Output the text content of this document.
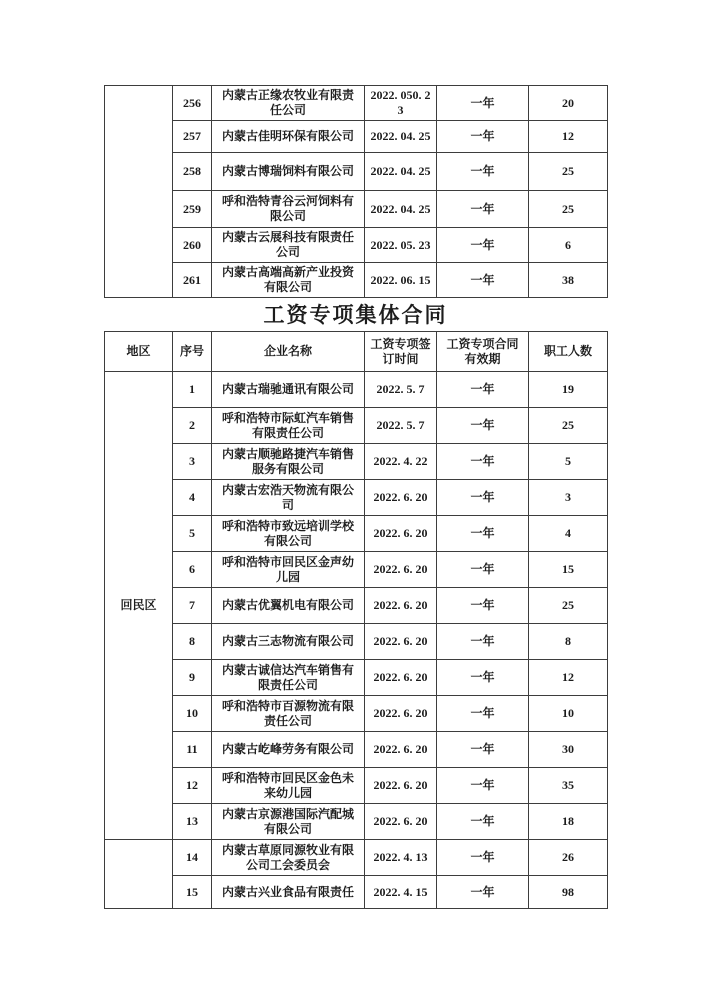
	256	内蒙古正缘农牧业有限责任公司	2022. 050. 23	一年	20
	257	内蒙古佳明环保有限公司	2022. 04. 25	一年	12
	258	内蒙古博瑞饲料有限公司	2022. 04. 25	一年	25
	259	呼和浩特青谷云河饲料有限公司	2022. 04. 25	一年	25
	260	内蒙古云展科技有限责任公司	2022. 05. 23	一年	6
	261	内蒙古高端高新产业投资有限公司	2022. 06. 15	一年	38
工资专项集体合同
地区	序号	企业名称	工资专项签订时间	工资专项合同有效期	职工人数
回民区	1	内蒙古瑞驰通讯有限公司	2022. 5. 7	一年	19
	2	呼和浩特市际虹汽车销售有限责任公司	2022. 5. 7	一年	25
	3	内蒙古顺驰路捷汽车销售服务有限公司	2022. 4. 22	一年	5
	4	内蒙古宏浩天物流有限公司	2022. 6. 20	一年	3
	5	呼和浩特市致远培训学校有限公司	2022. 6. 20	一年	4
	6	呼和浩特市回民区金声幼儿园	2022. 6. 20	一年	15
	7	内蒙古优翼机电有限公司	2022. 6. 20	一年	25
	8	内蒙古三志物流有限公司	2022. 6. 20	一年	8
	9	内蒙古诚信达汽车销售有限责任公司	2022. 6. 20	一年	12
	10	呼和浩特市百源物流有限责任公司	2022. 6. 20	一年	10
	11	内蒙古屹峰劳务有限公司	2022. 6. 20	一年	30
	12	呼和浩特市回民区金色未来幼儿园	2022. 6. 20	一年	35
	13	内蒙古京源港国际汽配城有限公司	2022. 6. 20	一年	18
	14	内蒙古草原同源牧业有限公司工会委员会	2022. 4. 13	一年	26
	15	内蒙古兴业食品有限责任	2022. 4. 15	一年	98
